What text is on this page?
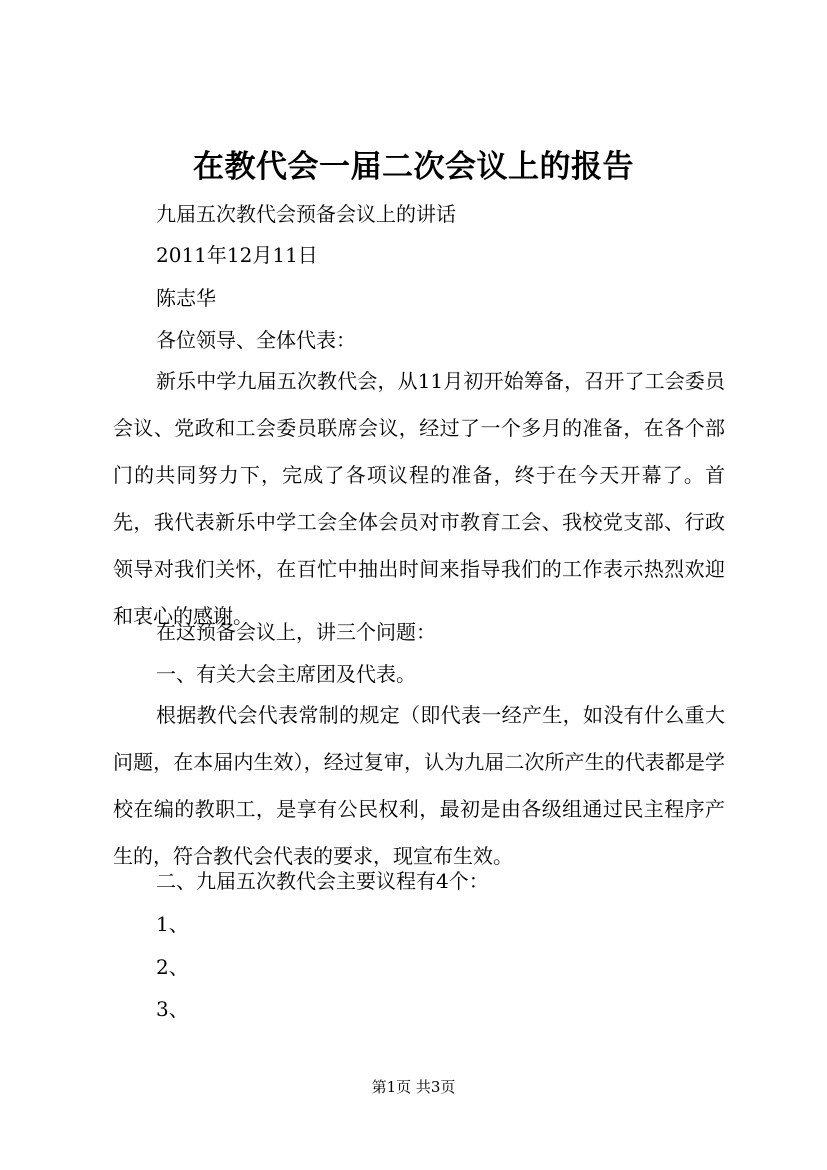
在教代会一届二次会议上的报告
九届五次教代会预备会议上的讲话
2011年12月11日
陈志华
各位领导、全体代表：
新乐中学九届五次教代会，从11月初开始筹备，召开了工会委员会议、党政和工会委员联席会议，经过了一个多月的准备，在各个部门的共同努力下，完成了各项议程的准备，终于在今天开幕了。首先，我代表新乐中学工会全体会员对市教育工会、我校党支部、行政领导对我们关怀，在百忙中抽出时间来指导我们的工作表示热烈欢迎和衷心的感谢。
在这预备会议上，讲三个问题：
一、有关大会主席团及代表。
根据教代会代表常制的规定（即代表一经产生，如没有什么重大问题，在本届内生效），经过复审，认为九届二次所产生的代表都是学校在编的教职工，是享有公民权利，最初是由各级组通过民主程序产生的，符合教代会代表的要求，现宣布生效。
二、九届五次教代会主要议程有4个：
1、
2、
3、
第1页 共3页
